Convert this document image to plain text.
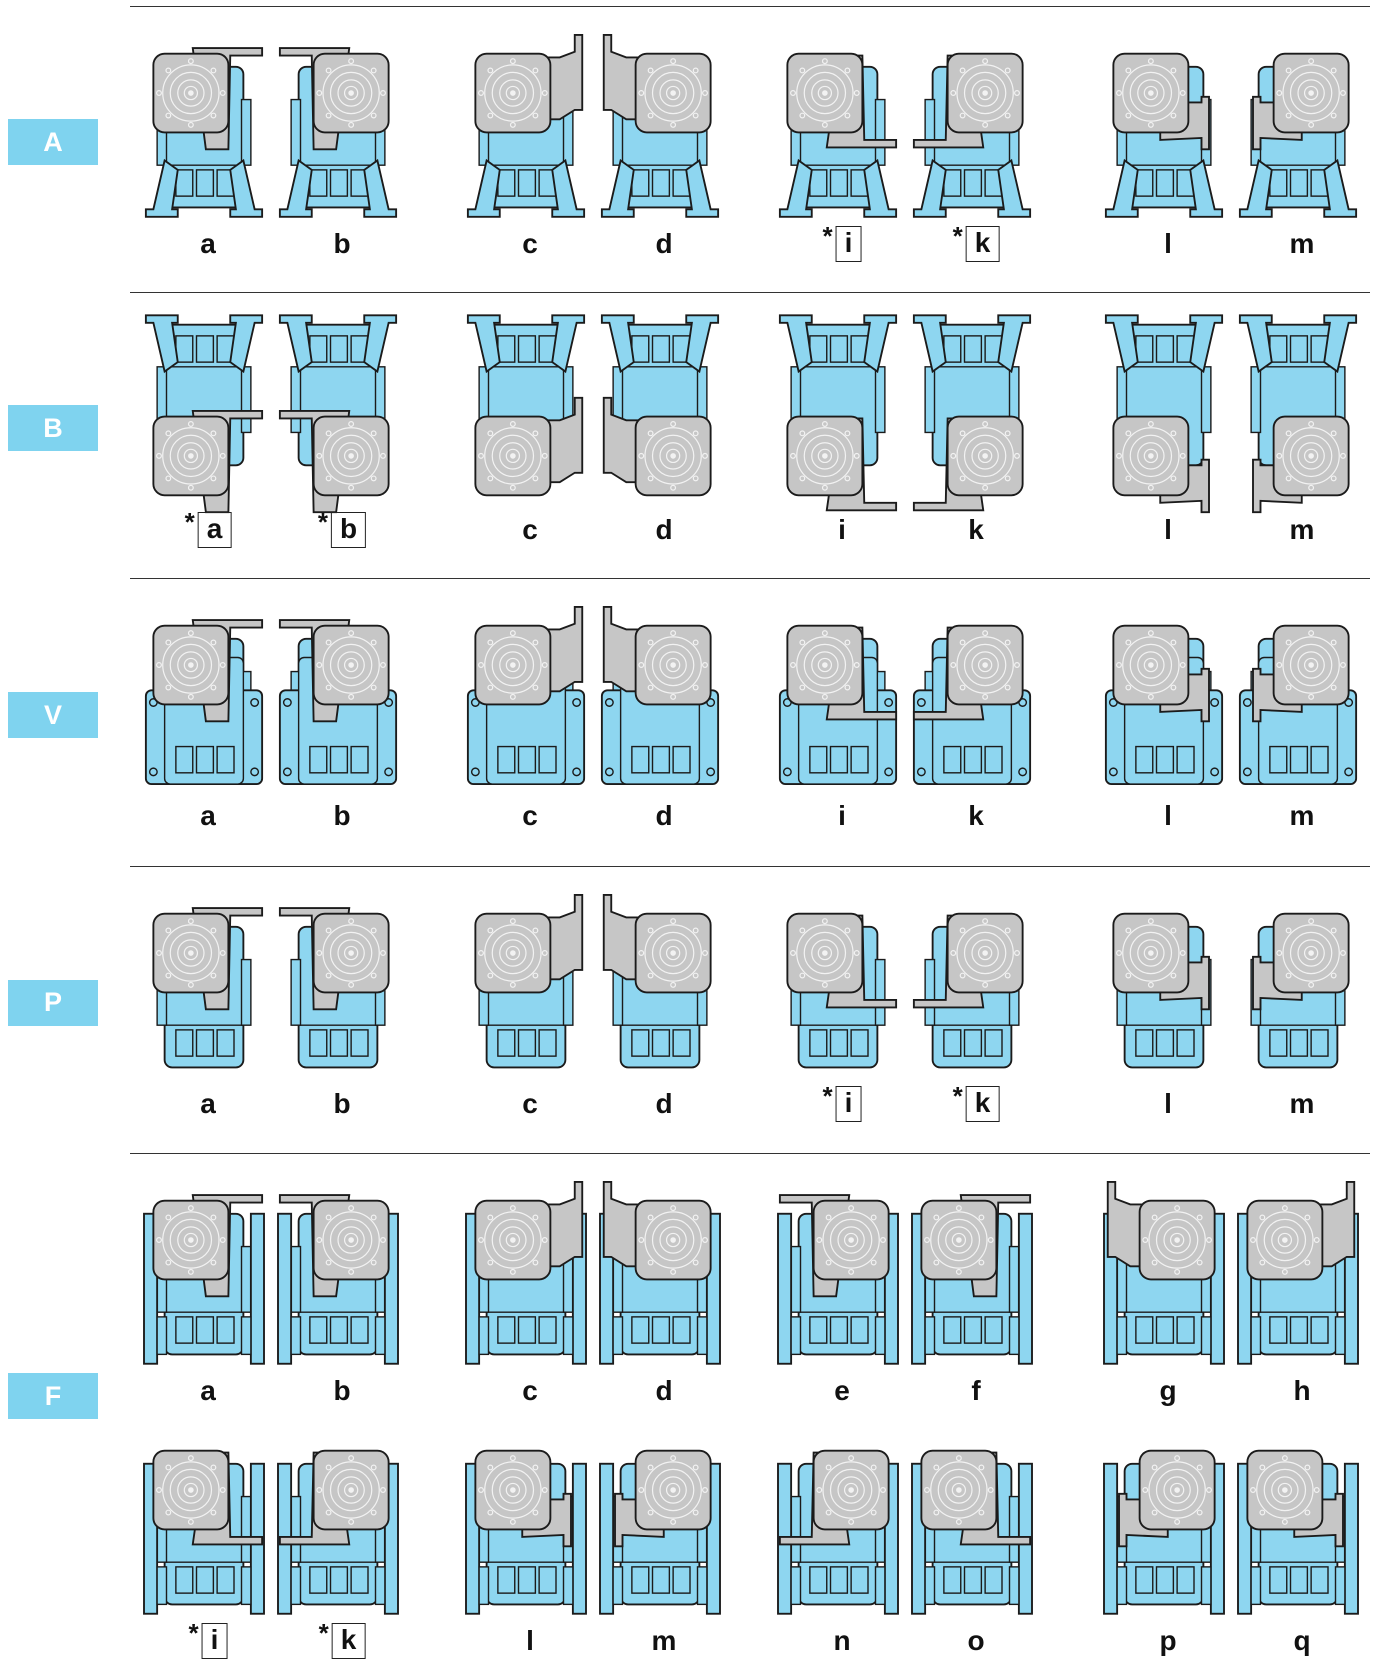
A
a	b	c	d	* i	* k	l	m
B
* a	* b	c	d	i	k	l	m
V
a	b	c	d	i	k	l	m
P
a	b	c	d	* i	* k	l	m
F	a	b	c	d	e	f	g	h
* i	* k	l	m	n	o	p	q
